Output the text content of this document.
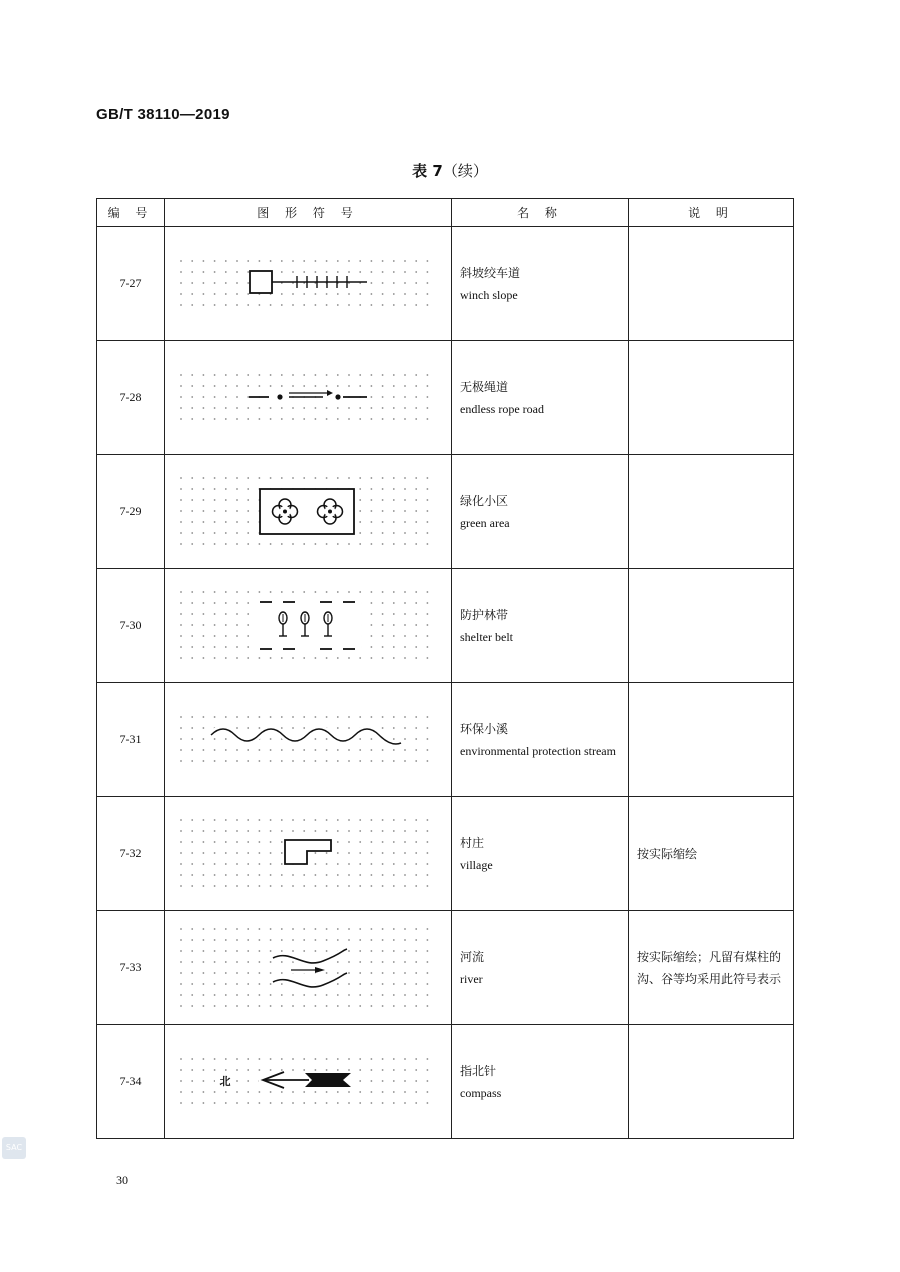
GB/T 38110—2019
表 7（续）
编 号	图 形 符 号	名 称	说 明
7-27		斜坡绞车道
winch slope	

7-28		无极绳道
endless rope road	

7-29		绿化小区
green area	

7-30		防护林带
shelter belt	

7-31		环保小溪
environmental protection stream	

7-32		村庄
village	按实际缩绘
7-33		河流
river	按实际缩绘；凡留有煤柱的沟、谷等均采用此符号表示
7-34	北	指北针
compass	

SAC
30
